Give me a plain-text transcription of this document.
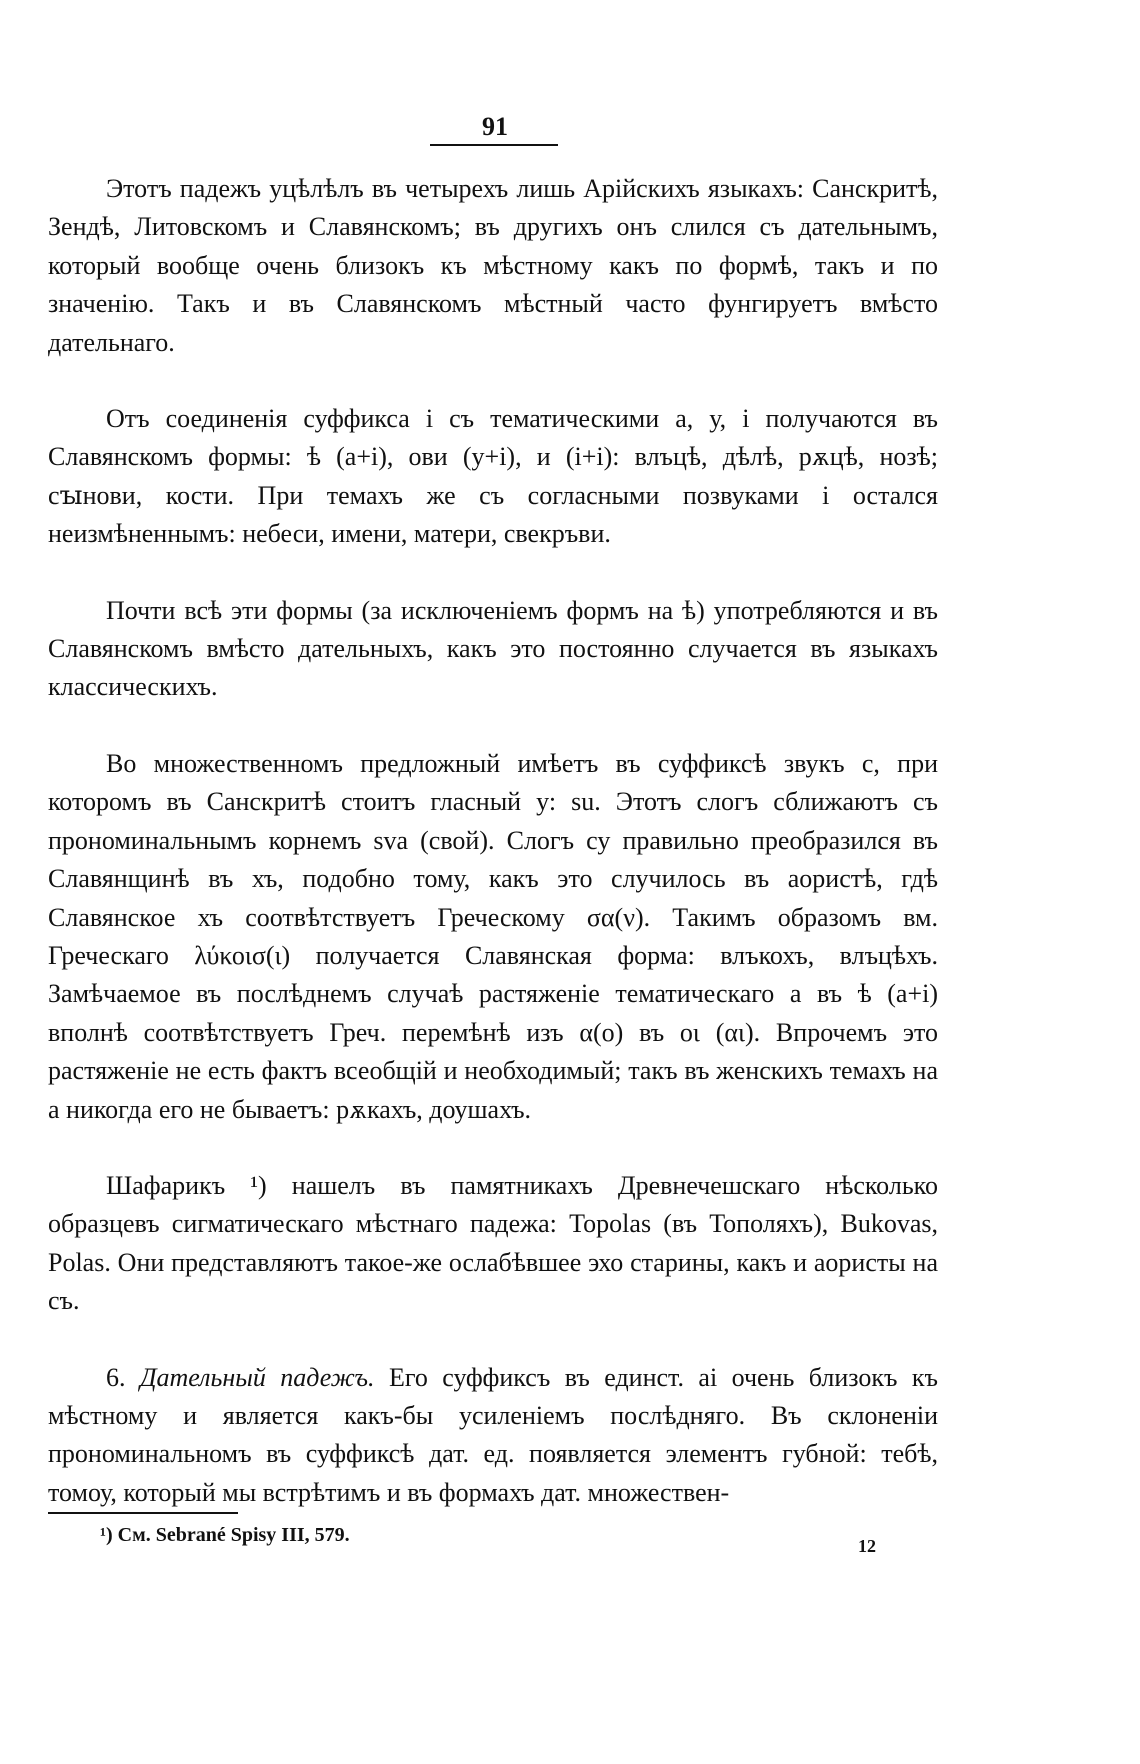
91

Этотъ падежъ уцѣлѣлъ въ четырехъ лишь Арійскихъ языкахъ: Санскритѣ, Зендѣ, Литовскомъ и Славянскомъ; въ другихъ онъ слился съ дательнымъ, который вообще очень близокъ къ мѣстному какъ по формѣ, такъ и по значенію. Такъ и въ Славянскомъ мѣстный часто фунгируетъ вмѣсто дательнаго.

Отъ соединенія суффикса і съ тематическими а, у, і получаются въ Славянскомъ формы: ѣ (а+і), ови (у+і), и (і+і): влъцѣ, дѣлѣ, рѫцѣ, нозѣ; сꙑнови, кости. При темахъ же съ согласными позвуками і остался неизмѣненнымъ: небеси, имени, матери, свекръви.

Почти всѣ эти формы (за исключеніемъ формъ на ѣ) употребляются и въ Славянскомъ вмѣсто дательныхъ, какъ это постоянно случается въ языкахъ классическихъ.

Во множественномъ предложный имѣетъ въ суффиксѣ звукъ с, при которомъ въ Санскритѣ стоитъ гласный у: su. Этотъ слогъ сближаютъ съ прономинальнымъ корнемъ sva (свой). Слогъ су правильно преобразился въ Славянщинѣ въ хъ, подобно тому, какъ это случилось въ аористѣ, гдѣ Славянское хъ соотвѣтствуетъ Греческому σα(ν). Такимъ образомъ вм. Греческаго λύκοισ(ι) получается Славянская форма: влъкохъ, влъцѣхъ. Замѣчаемое въ послѣднемъ случаѣ растяженіе тематическаго а въ ѣ (а+і) вполнѣ соотвѣтствуетъ Греч. перемѣнѣ изъ α(ο) въ οι (αι). Впрочемъ это растяженіе не есть фактъ всеобщій и необходимый; такъ въ женскихъ темахъ на а никогда его не бываетъ: рѫкахъ, доушахъ.

Шафарикъ ¹) нашелъ въ памятникахъ Древнечешскаго нѣсколько образцевъ сигматическаго мѣстнаго падежа: Topolas (въ Тополяхъ), Bukovas, Polas. Они представляютъ такое-же ослабѣвшее эхо старины, какъ и аористы на съ.

6. Дательный падежъ. Его суффиксъ въ единст. ai очень близокъ къ мѣстному и является какъ-бы усиленіемъ послѣдняго. Въ склоненіи прономинальномъ въ суффиксѣ дат. ед. появляется элементъ губной: тебѣ, томоу, который мы встрѣтимъ и въ формахъ дат. множествен-

¹) См. Sebrané Spisy III, 579.	12
